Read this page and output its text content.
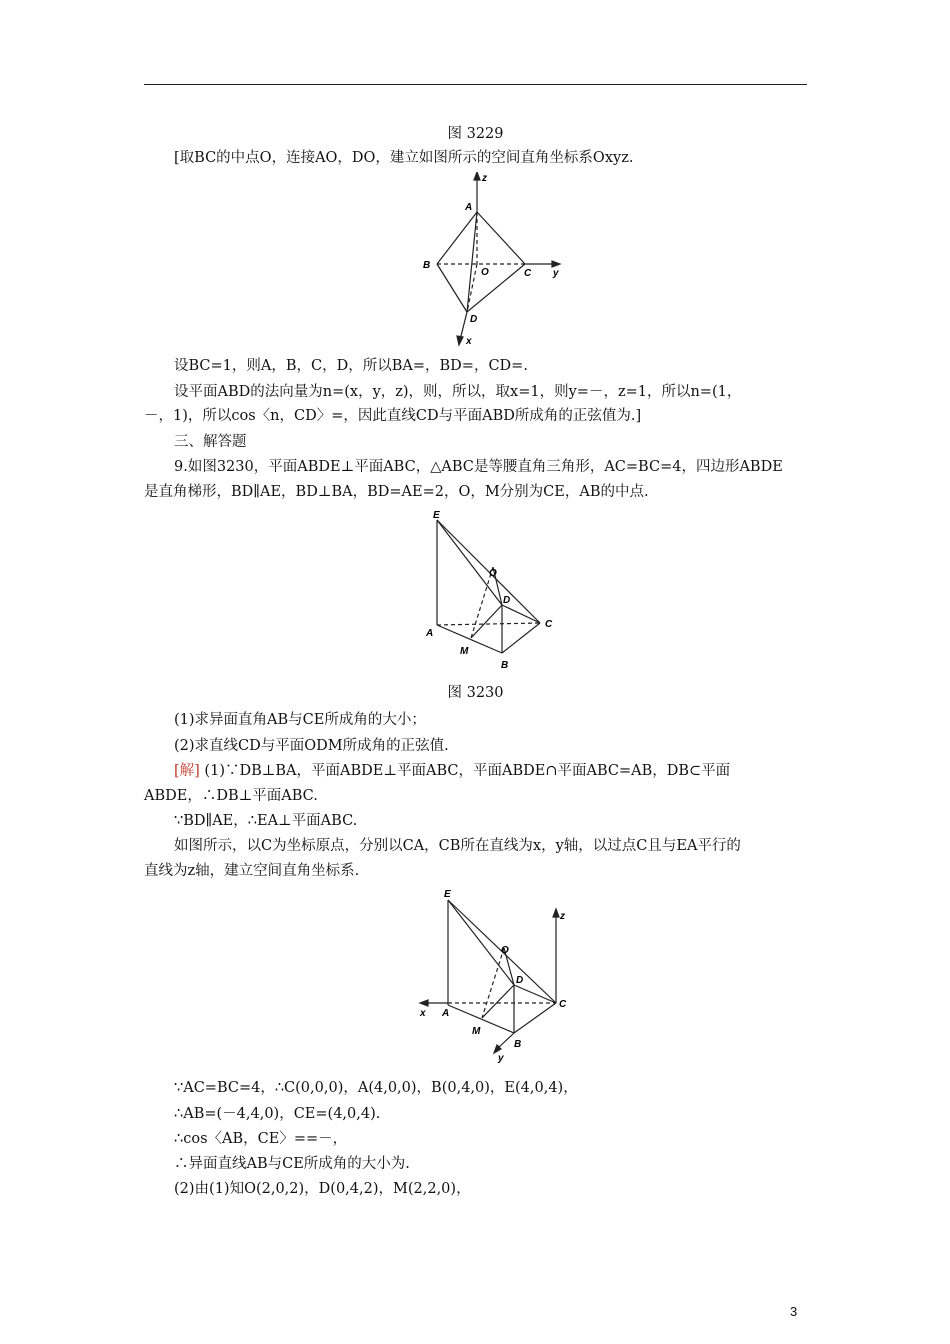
图 3229
[取BC的中点O，连接AO，DO，建立如图所示的空间直角坐标系Oxyz.
z
A
B
O	C y
D
x
设BC=1，则A，B，C，D，所以BA=，BD=，CD=.
设平面ABD的法向量为n=(x，y，z)，则，所以，取x=1，则y=－，z=1，所以n=(1，
－，1)，所以cos〈n，CD〉=，因此直线CD与平面ABD所成角的正弦值为.]
三、解答题
9.如图3230，平面ABDE⊥平面ABC，△ABC是等腰直角三角形，AC=BC=4，四边形ABDE
是直角梯形，BD∥AE，BD⊥BA，BD=AE=2，O，M分别为CE，AB的中点.
E
O
D
C
A
M
B
图 3230
(1)求异面直角AB与CE所成角的大小；
(2)求直线CD与平面ODM所成角的正弦值.
[解] (1)∵DB⊥BA，平面ABDE⊥平面ABC，平面ABDE∩平面ABC=AB，DB⊂平面
ABDE，∴DB⊥平面ABC.
∵BD∥AE，∴EA⊥平面ABC.
如图所示，以C为坐标原点，分别以CA，CB所在直线为x，y轴，以过点C且与EA平行的
直线为z轴，建立空间直角坐标系.
z
E
O
D
C
x A
M
B
y
∵AC=BC=4，∴C(0,0,0)，A(4,0,0)，B(0,4,0)，E(4,0,4)，
∴AB=(－4,4,0)，CE=(4,0,4).
∴cos〈AB，CE〉==－，
∴异面直线AB与CE所成角的大小为.
(2)由(1)知O(2,0,2)，D(0,4,2)，M(2,2,0)，
3
